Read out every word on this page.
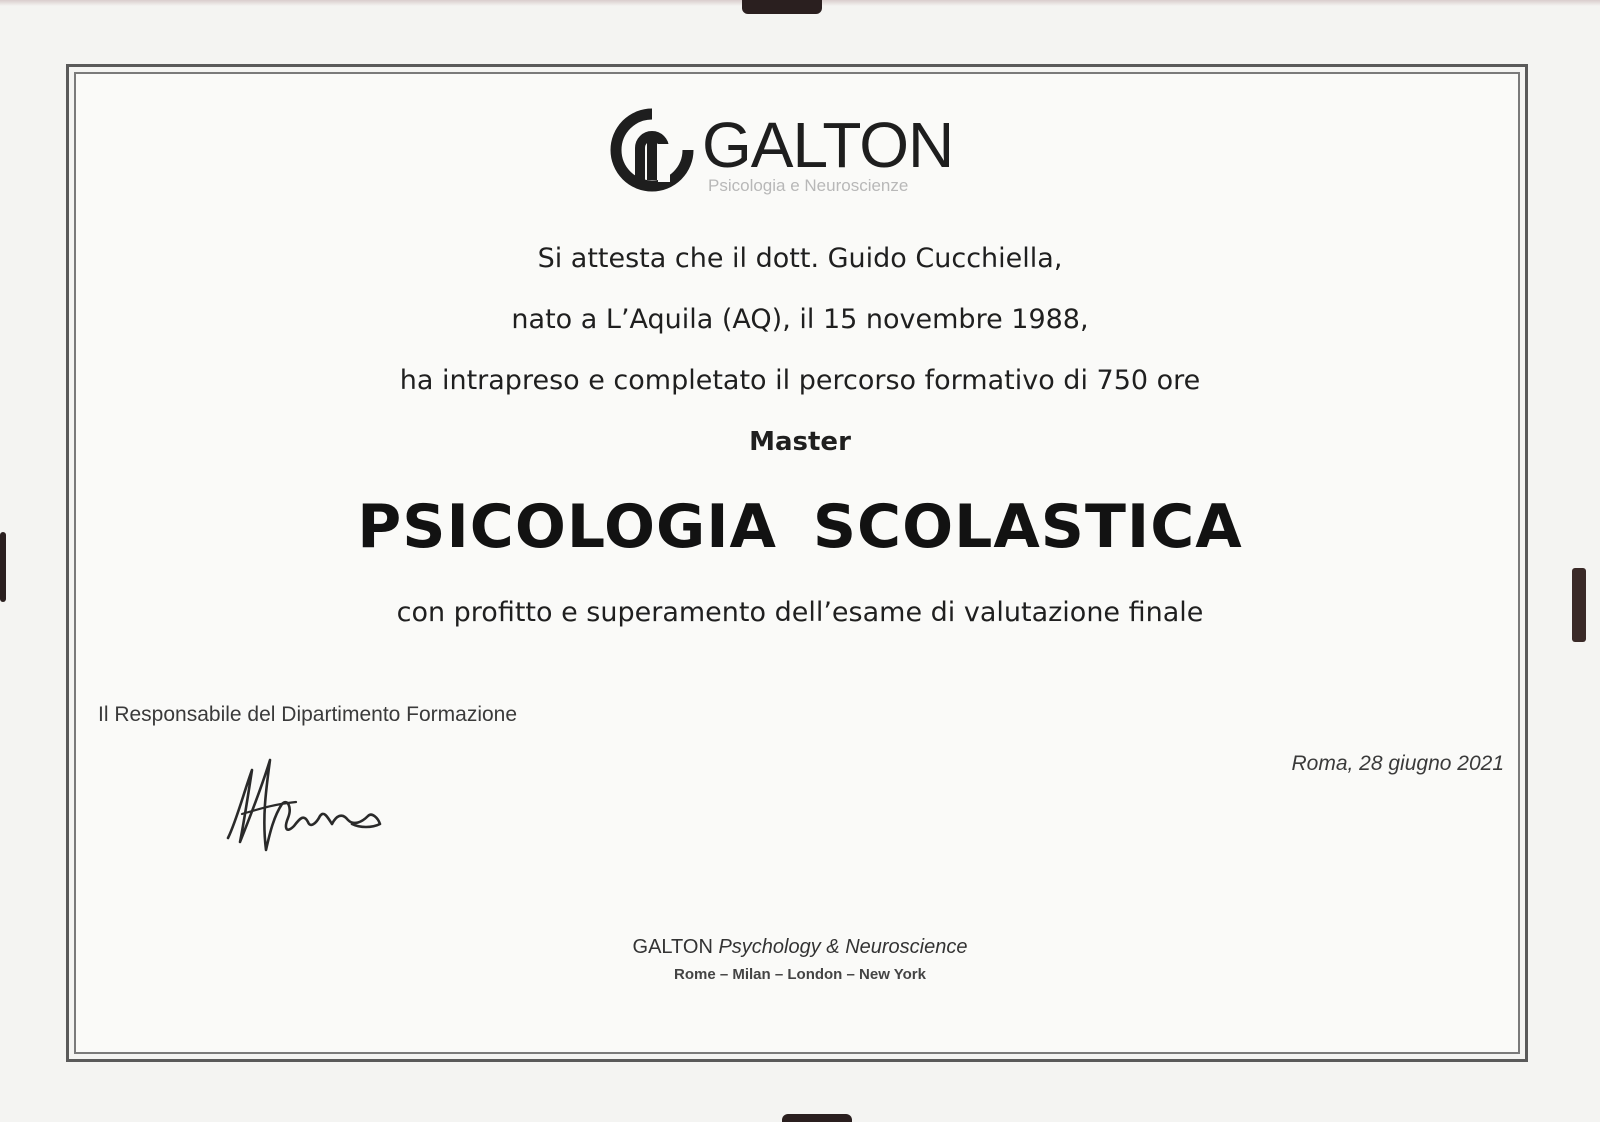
GALTON
Psicologia e Neuroscienze
Si attesta che il dott. Guido Cucchiella,
nato a L’Aquila (AQ), il 15 novembre 1988,
ha intrapreso e completato il percorso formativo di 750 ore
Master
PSICOLOGIA SCOLASTICA
con profitto e superamento dell’esame di valutazione finale
Il Responsabile del Dipartimento Formazione
Roma, 28 giugno 2021
GALTON Psychology & Neuroscience
Rome – Milan – London – New York
